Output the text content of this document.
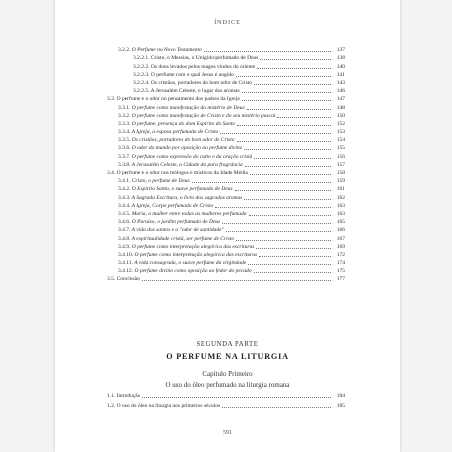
ÍNDICE
3.2.2. O Perfume no Novo Testamento	137
3.2.2.1. Cristo, o Messias, o Unigido/perfumado de Deus	138
3.2.2.2. Os dons levados pelos magos vindos do oriente	140
3.2.2.3. O perfume com o qual Jesus é ungido	141
3.2.2.4. Os cristãos, portadores do bom odor de Cristo	143
3.2.2.5. A Jerusalém Celeste, o lugar dos aromas	146
3.3. O perfume e o odor no pensamento dos padres da Igreja	147
3.3.1. O perfume como manifestação do mistério de Deus	148
3.3.2. O perfume como manifestação de Cristo e do seu mistério pascal	150
3.3.3. O perfume, presença do dom Espírito do Santo	152
3.3.4. A Igreja, a esposa perfumada de Cristo	153
3.3.5. Os cristãos, portadores do bom odor de Cristo	154
3.3.6. O odor do mundo por oposição ao perfume divino	155
3.3.7. O perfume como expressão do culto e da oração cristã	156
3.3.8. A Jerusalém Celeste, a Cidade da pura fragrância	157
3.4. O perfume e o odor nos teólogos e místicos da Idade Média	158
3.4.1. Cristo, o perfume de Deus	159
3.4.2. O Espírito Santo, o suave perfumado de Deus	161
3.4.3. A Sagrada Escritura, o livro dos sagrados aromas	162
3.4.4. A Igreja, Corpo perfumado de Cristo	163
3.4.5. Maria, a mulher entre todas as mulheres perfumada	163
3.4.6. O Paraíso, o jardim perfumado de Deus	165
3.4.7. A vida dos santos e o "odor de santidade"	166
3.4.8. A espiritualidade cristã, ser perfume de Cristo	167
3.4.9. O perfume como interpretação alegórica das escrituras	169
3.4.10. O perfume como interpretação alegórica das escrituras	172
3.4.11. A vida consagrada, o suave perfume da virgindade	174
3.4.12. O perfume divino como oposição ao fedor do pecado	175
3.5. Conclusão	177
SEGUNDA PARTE
O PERFUME NA LITURGIA
Capítulo Primeiro
O uso do óleo perfumado na liturgia romana
1.1. Introdução	184
1.2. O uso do óleo na liturgia nos primeiros séculos	185
591
